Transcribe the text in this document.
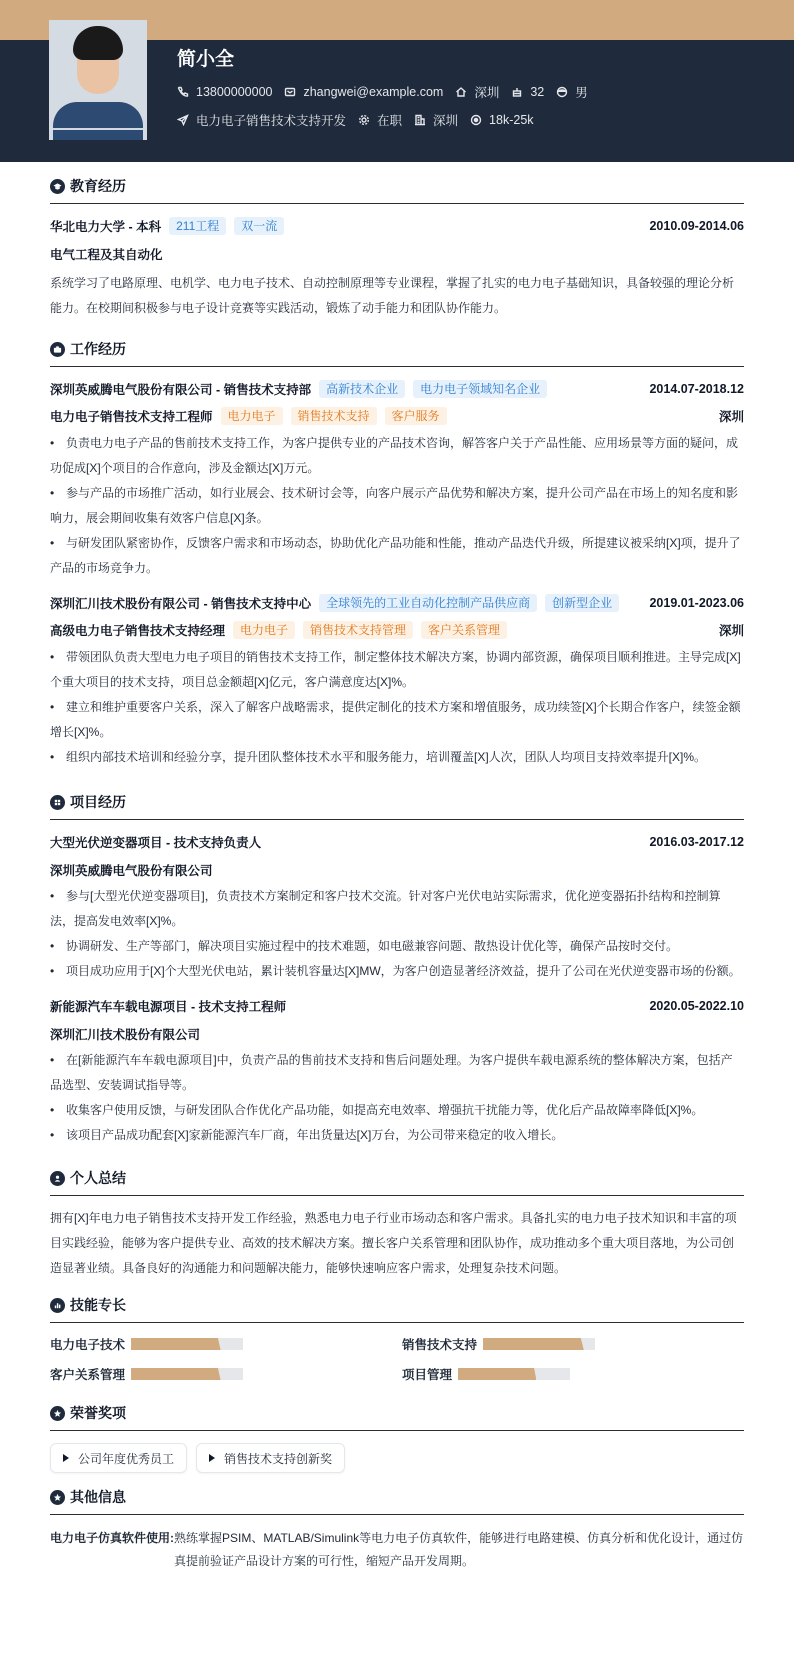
简小全
13800000000 zhangwei@example.com 深圳 32 男
电力电子销售技术支持开发 在职 深圳 18k-25k
教育经历
华北电力大学 - 本科	211工程	双一流	2010.09-2014.06
电气工程及其自动化
系统学习了电路原理、电机学、电力电子技术、自动控制原理等专业课程，掌握了扎实的电力电子基础知识，具备较强的理论分析能力。在校期间积极参与电子设计竞赛等实践活动，锻炼了动手能力和团队协作能力。
工作经历
深圳英威腾电气股份有限公司 - 销售技术支持部	高新技术企业	电力电子领域知名企业	2014.07-2018.12
电力电子销售技术支持工程师	电力电子	销售技术支持	客户服务	深圳
• 负责电力电子产品的售前技术支持工作，为客户提供专业的产品技术咨询，解答客户关于产品性能、应用场景等方面的疑问，成功促成[X]个项目的合作意向，涉及金额达[X]万元。
• 参与产品的市场推广活动，如行业展会、技术研讨会等，向客户展示产品优势和解决方案，提升公司产品在市场上的知名度和影响力，展会期间收集有效客户信息[X]条。
• 与研发团队紧密协作，反馈客户需求和市场动态，协助优化产品功能和性能，推动产品迭代升级，所提建议被采纳[X]项，提升了产品的市场竞争力。
深圳汇川技术股份有限公司 - 销售技术支持中心	全球领先的工业自动化控制产品供应商	创新型企业	2019.01-2023.06
高级电力电子销售技术支持经理	电力电子	销售技术支持管理	客户关系管理	深圳
• 带领团队负责大型电力电子项目的销售技术支持工作，制定整体技术解决方案，协调内部资源，确保项目顺利推进。主导完成[X]个重大项目的技术支持，项目总金额超[X]亿元，客户满意度达[X]%。
• 建立和维护重要客户关系，深入了解客户战略需求，提供定制化的技术方案和增值服务，成功续签[X]个长期合作客户，续签金额增长[X]%。
• 组织内部技术培训和经验分享，提升团队整体技术水平和服务能力，培训覆盖[X]人次，团队人均项目支持效率提升[X]%。
项目经历
大型光伏逆变器项目 - 技术支持负责人	2016.03-2017.12
深圳英威腾电气股份有限公司
• 参与[大型光伏逆变器项目]，负责技术方案制定和客户技术交流。针对客户光伏电站实际需求，优化逆变器拓扑结构和控制算法，提高发电效率[X]%。
• 协调研发、生产等部门，解决项目实施过程中的技术难题，如电磁兼容问题、散热设计优化等，确保产品按时交付。
• 项目成功应用于[X]个大型光伏电站，累计装机容量达[X]MW，为客户创造显著经济效益，提升了公司在光伏逆变器市场的份额。
新能源汽车车载电源项目 - 技术支持工程师	2020.05-2022.10
深圳汇川技术股份有限公司
• 在[新能源汽车车载电源项目]中，负责产品的售前技术支持和售后问题处理。为客户提供车载电源系统的整体解决方案，包括产品选型、安装调试指导等。
• 收集客户使用反馈，与研发团队合作优化产品功能，如提高充电效率、增强抗干扰能力等，优化后产品故障率降低[X]%。
• 该项目产品成功配套[X]家新能源汽车厂商，年出货量达[X]万台，为公司带来稳定的收入增长。
个人总结
拥有[X]年电力电子销售技术支持开发工作经验，熟悉电力电子行业市场动态和客户需求。具备扎实的电力电子技术知识和丰富的项目实践经验，能够为客户提供专业、高效的技术解决方案。擅长客户关系管理和团队协作，成功推动多个重大项目落地，为公司创造显著业绩。具备良好的沟通能力和问题解决能力，能够快速响应客户需求，处理复杂技术问题。
技能专长
电力电子技术	销售技术支持
客户关系管理	项目管理
荣誉奖项
公司年度优秀员工	销售技术支持创新奖
其他信息
电力电子仿真软件使用: 熟练掌握PSIM、MATLAB/Simulink等电力电子仿真软件，能够进行电路建模、仿真分析和优化设计，通过仿真提前验证产品设计方案的可行性，缩短产品开发周期。
